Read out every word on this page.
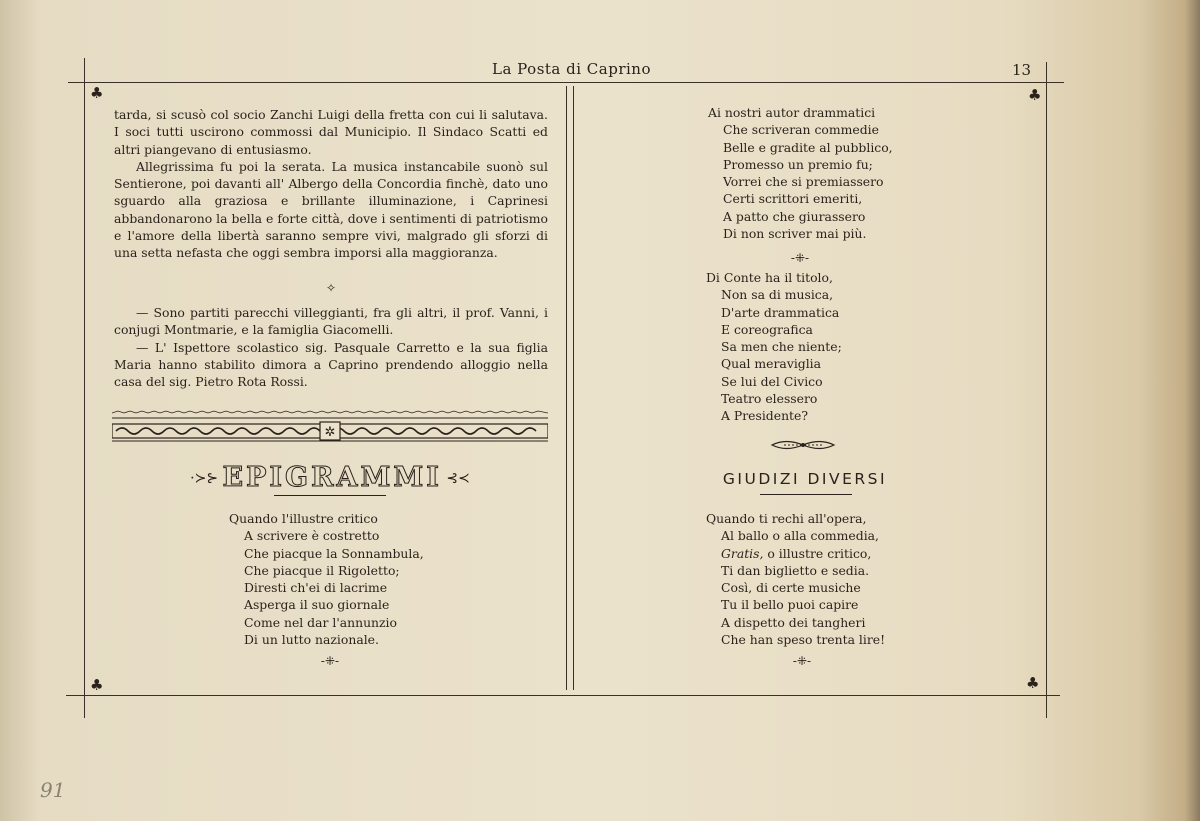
La Posta di Caprino	13
♣	♣
♣	♣

tarda, si scusò col socio Zanchi Luigi della fretta con cui li salutava. I soci tutti uscirono commossi dal Municipio. Il Sindaco Scatti ed altri piangevano di entusiasmo.

Allegrissima fu poi la serata. La musica instancabile suonò sul Sentierone, poi davanti all' Albergo della Concordia finchè, dato uno sguardo alla graziosa e brillante illuminazione, i Caprinesi abbandonarono la bella e forte città, dove i sentimenti di patriotismo e l'amore della libertà saranno sempre vivi, malgrado gli sforzi di una setta nefasta che oggi sembra imporsi alla maggioranza.

✧

— Sono partiti parecchi villeggianti, fra gli altri, il prof. Vanni, i conjugi Montmarie, e la famiglia Giacomelli.

— L' Ispettore scolastico sig. Pasquale Carretto e la sua figlia Maria hanno stabilito dimora a Caprino prendendo alloggio nella casa del sig. Pietro Rota Rossi.

✲
·≻⊱ EPIGRAMMI ⊰≺
Quando l'illustre critico
A scrivere è costretto
Che piacque la Sonnambula,
Che piacque il Rigoletto;
Diresti ch'ei di lacrime
Asperga il suo giornale
Come nel dar l'annunzio
Di un lutto nazionale.
-⁜-
Ai nostri autor drammatici
Che scriveran commedie
Belle e gradite al pubblico,
Promesso un premio fu;
Vorrei che si premiassero
Certi scrittori emeriti,
A patto che giurassero
Di non scriver mai più.
-⁜-
Di Conte ha il titolo,
Non sa di musica,
D'arte drammatica
E coreografica
Sa men che niente;
Qual meraviglia
Se lui del Civico
Teatro elessero
A Presidente?
GIUDIZI DIVERSI
Quando ti rechi all'opera,
Al ballo o alla commedia,
Gratis, o illustre critico,
Ti dan biglietto e sedia.
Così, di certe musiche
Tu il bello puoi capire
A dispetto dei tangheri
Che han speso trenta lire!
-⁜-
91
